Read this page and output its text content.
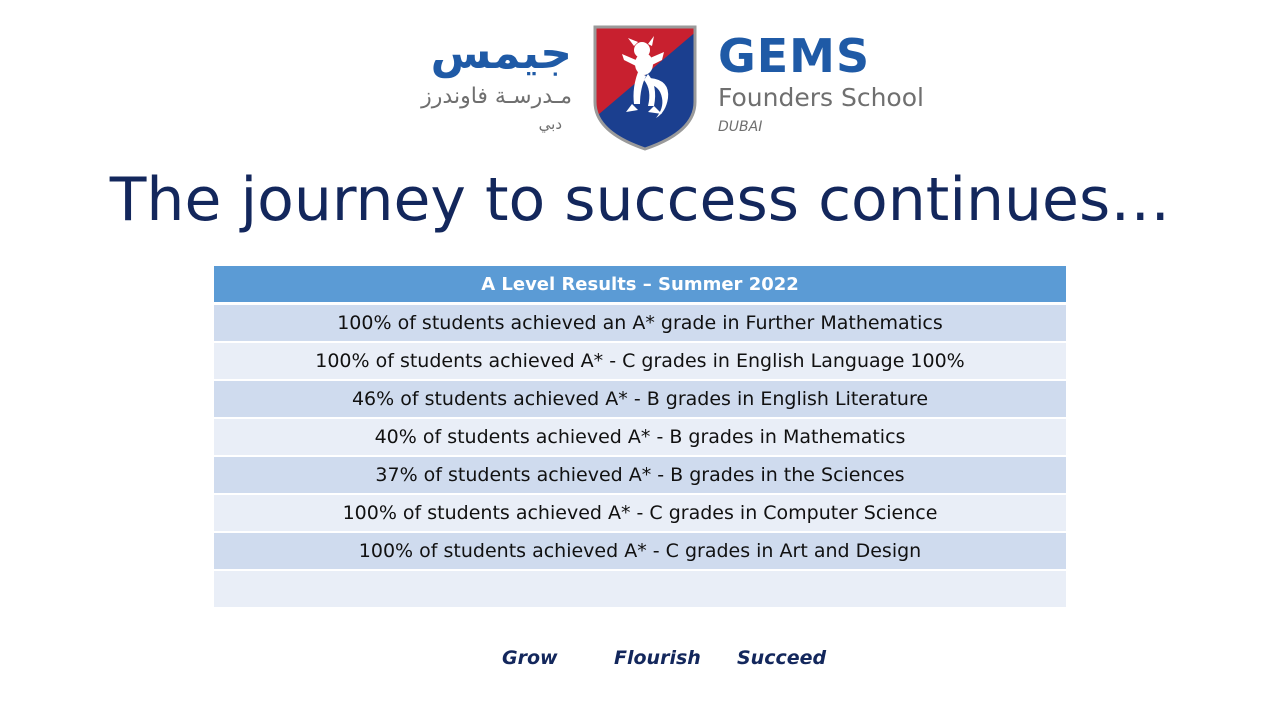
جيمس
مـدرسـة فاوندرز
دبي
GEMS
Founders School
DUBAI
The journey to success continues…
A Level Results – Summer 2022
100% of students achieved an A* grade in Further Mathematics
100% of students achieved A* - C grades in English Language 100%
46% of students achieved A* - B grades in English Literature
40% of students achieved A* - B grades in Mathematics
37% of students achieved A* - B grades in the Sciences
100% of students achieved A* - C grades in Computer Science
100% of students achieved A* - C grades in Art and Design

Grow	Flourish Succeed
